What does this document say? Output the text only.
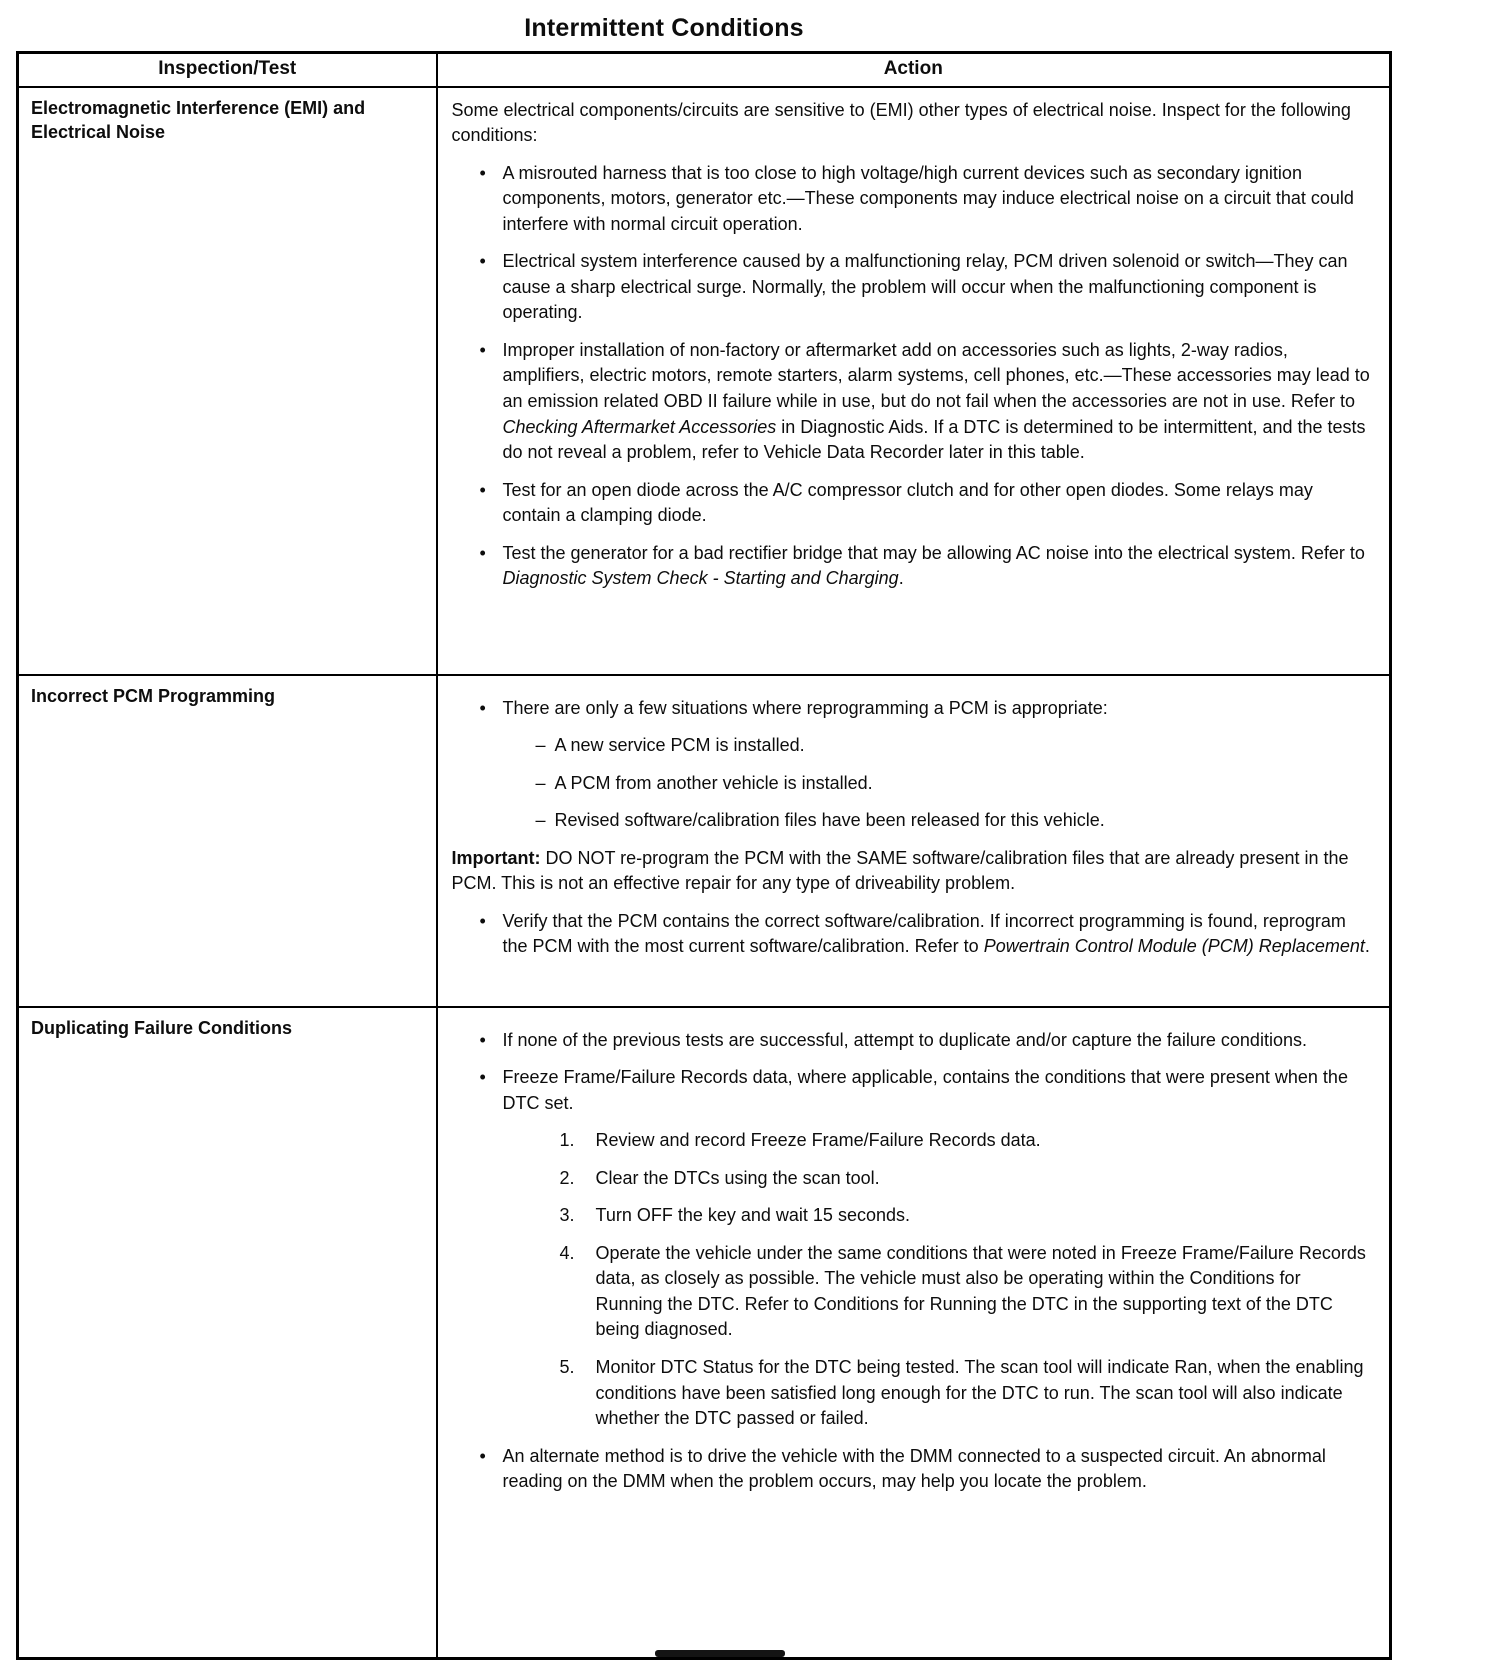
Intermittent Conditions
Inspection/Test	Action
Electromagnetic Interference (EMI) and Electrical Noise	
Some electrical components/circuits are sensitive to (EMI) other types of electrical noise. Inspect for the following conditions:
• A misrouted harness that is too close to high voltage/high current devices such as secondary ignition components, motors, generator etc.—These components may induce electrical noise on a circuit that could interfere with normal circuit operation.
• Electrical system interference caused by a malfunctioning relay, PCM driven solenoid or switch—They can cause a sharp electrical surge. Normally, the problem will occur when the malfunctioning component is operating.
• Improper installation of non-factory or aftermarket add on accessories such as lights, 2-way radios, amplifiers, electric motors, remote starters, alarm systems, cell phones, etc.—These accessories may lead to an emission related OBD II failure while in use, but do not fail when the accessories are not in use. Refer to Checking Aftermarket Accessories in Diagnostic Aids. If a DTC is determined to be intermittent, and the tests do not reveal a problem, refer to Vehicle Data Recorder later in this table.
• Test for an open diode across the A/C compressor clutch and for other open diodes. Some relays may contain a clamping diode.
• Test the generator for a bad rectifier bridge that may be allowing AC noise into the electrical system. Refer to Diagnostic System Check - Starting and Charging.

Incorrect PCM Programming	
• There are only a few situations where reprogramming a PCM is appropriate:
– A new service PCM is installed.
– A PCM from another vehicle is installed.
– Revised software/calibration files have been released for this vehicle.
Important: DO NOT re-program the PCM with the SAME software/calibration files that are already present in the PCM. This is not an effective repair for any type of driveability problem.
• Verify that the PCM contains the correct software/calibration. If incorrect programming is found, reprogram the PCM with the most current software/calibration. Refer to Powertrain Control Module (PCM) Replacement.

Duplicating Failure Conditions	
• If none of the previous tests are successful, attempt to duplicate and/or capture the failure conditions.
• Freeze Frame/Failure Records data, where applicable, contains the conditions that were present when the DTC set.
1.	Review and record Freeze Frame/Failure Records data.
2.	Clear the DTCs using the scan tool.
3.	Turn OFF the key and wait 15 seconds.
4.	Operate the vehicle under the same conditions that were noted in Freeze Frame/Failure Records data, as closely as possible. The vehicle must also be operating within the Conditions for Running the DTC. Refer to Conditions for Running the DTC in the supporting text of the DTC being diagnosed.
5.	Monitor DTC Status for the DTC being tested. The scan tool will indicate Ran, when the enabling conditions have been satisfied long enough for the DTC to run. The scan tool will also indicate whether the DTC passed or failed.
• An alternate method is to drive the vehicle with the DMM connected to a suspected circuit. An abnormal reading on the DMM when the problem occurs, may help you locate the problem.
